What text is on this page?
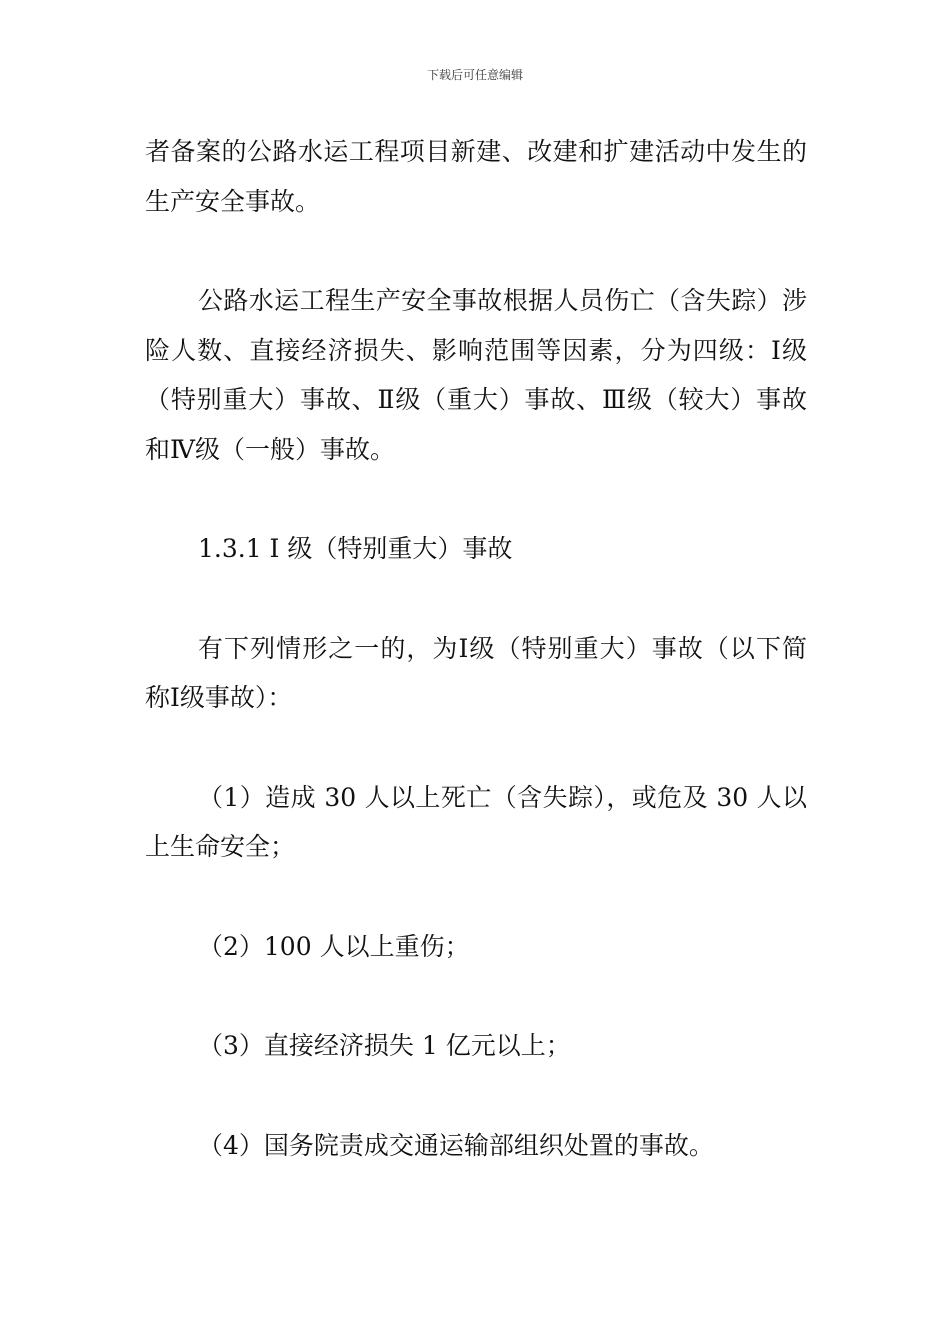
下载后可任意编辑

者备案的公路水运工程项目新建、改建和扩建活动中发生的生产安全事故。

公路水运工程生产安全事故根据人员伤亡（含失踪）涉险人数、直接经济损失、影响范围等因素，分为四级：Ⅰ级（特别重大）事故、Ⅱ级（重大）事故、Ⅲ级（较大）事故和Ⅳ级（一般）事故。

1.3.1 Ⅰ 级（特别重大）事故

有下列情形之一的，为Ⅰ级（特别重大）事故（以下简称Ⅰ级事故）：

（1）造成 30 人以上死亡（含失踪），或危及 30 人以上生命安全；

（2）100 人以上重伤；

（3）直接经济损失 1 亿元以上；

（4）国务院责成交通运输部组织处置的事故。
